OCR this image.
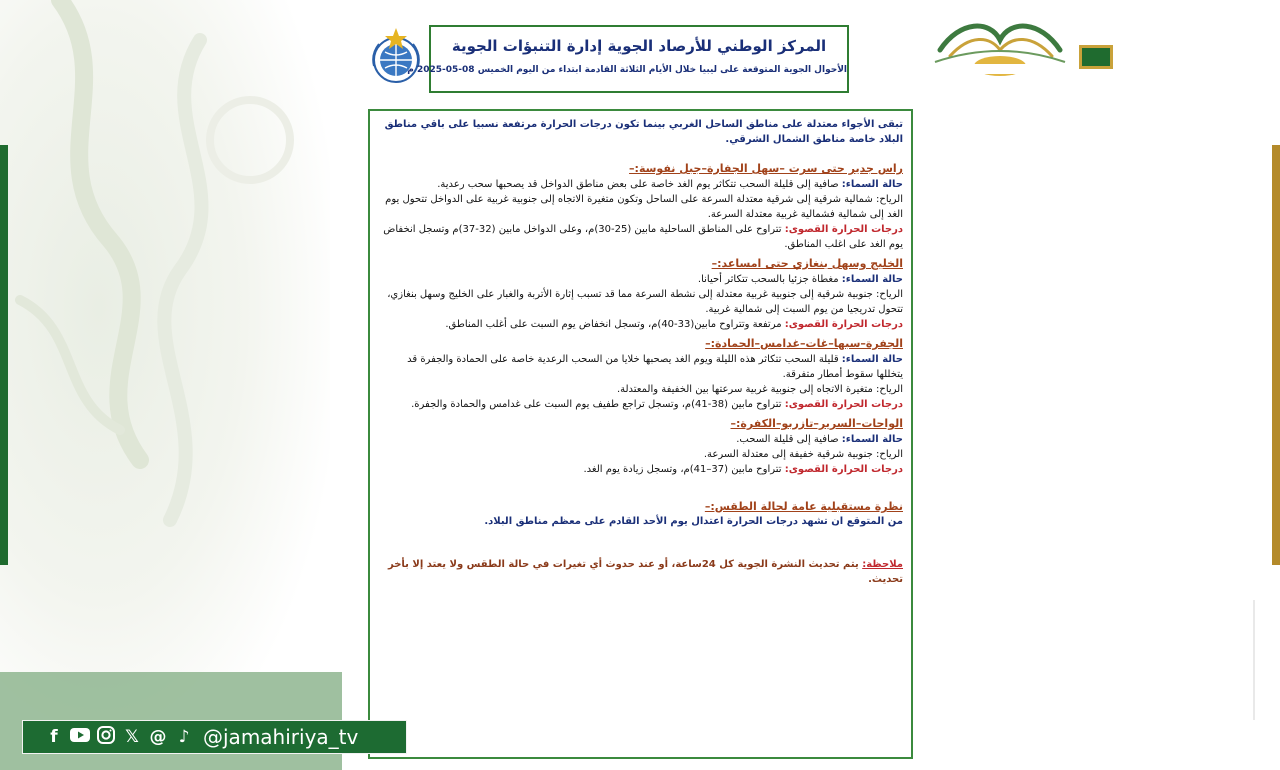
المركز الوطني للأرصاد الجوية إدارة التنبؤات الجوية
الأحوال الجوية المتوقعة على ليبيا خلال الأيام الثلاثة القادمة ابتداء من اليوم الخميس 08-05-2025 م
تبقى الأجواء معتدلة على مناطق الساحل الغربي بينما تكون درجات الحرارة مرتفعة نسبيا على باقي مناطق البلاد خاصة مناطق الشمال الشرقي.
راس جدير حتى سرت –سهل الجفارة–جبل نفوسة:–

حالة السماء: صافية إلى قليلة السحب تتكاثر يوم الغد خاصة على بعض مناطق الدواخل قد يصحبها سحب رعدية.

الرياح: شمالية شرقية إلى شرقية معتدلة السرعة على الساحل وتكون متغيرة الاتجاه إلى جنوبية غربية على الدواخل تتحول يوم الغد إلى شمالية فشمالية غربية معتدلة السرعة.

درجات الحرارة القصوى: تتراوح على المناطق الساحلية مابين (25-30)م، وعلى الدواخل مابين (32-37)م وتسجل انخفاض يوم الغد على اغلب المناطق.

الخليج وسهل بنغازي حتى امساعد:–

حالة السماء: مغطاة جزئيا بالسحب تتكاثر أحيانا.

الرياح: جنوبية شرقية إلى جنوبية غربية معتدلة إلى نشطة السرعة مما قد تسبب إثارة الأتربة والغبار على الخليج وسهل بنغازي، تتحول تدريجيا من يوم السبت إلى شمالية غربية.

درجات الحرارة القصوى: مرتفعة وتتراوح مابين(33-40)م، وتسجل انخفاض يوم السبت على أغلب المناطق.

الجفرة–سبها–غات–غدامس–الحمادة:–

حالة السماء: قليلة السحب تتكاثر هذه الليلة ويوم الغد يصحبها خلايا من السحب الرعدية خاصة على الحمادة والجفرة قد يتخللها سقوط أمطار متفرقة.

الرياح: متغيرة الاتجاه إلى جنوبية غربية سرعتها بين الخفيفة والمعتدلة.

درجات الحرارة القصوى: تتراوح مابين (38-41)م، وتسجل تراجع طفيف يوم السبت على غدامس والحمادة والجفرة.

الواحات–السرير–تازربو–الكفرة:–

حالة السماء: صافية إلى قليلة السحب.

الرياح: جنوبية شرقية خفيفة إلى معتدلة السرعة.

درجات الحرارة القصوى: تتراوح مابين (37–41)م، وتسجل زيادة يوم الغد.

نظرة مستقبلية عامة لحالة الطقس:–

من المتوقع ان تشهد درجات الحرارة اعتدال يوم الأحد القادم على معظم مناطق البلاد.

ملاحظة: يتم تحديث النشرة الجوية كل 24ساعة، أو عند حدوث أي تغيرات في حالة الطقس ولا يعتد إلا بأخر تحديث.

f	𝕏 @ ♪ @jamahiriya_tv
